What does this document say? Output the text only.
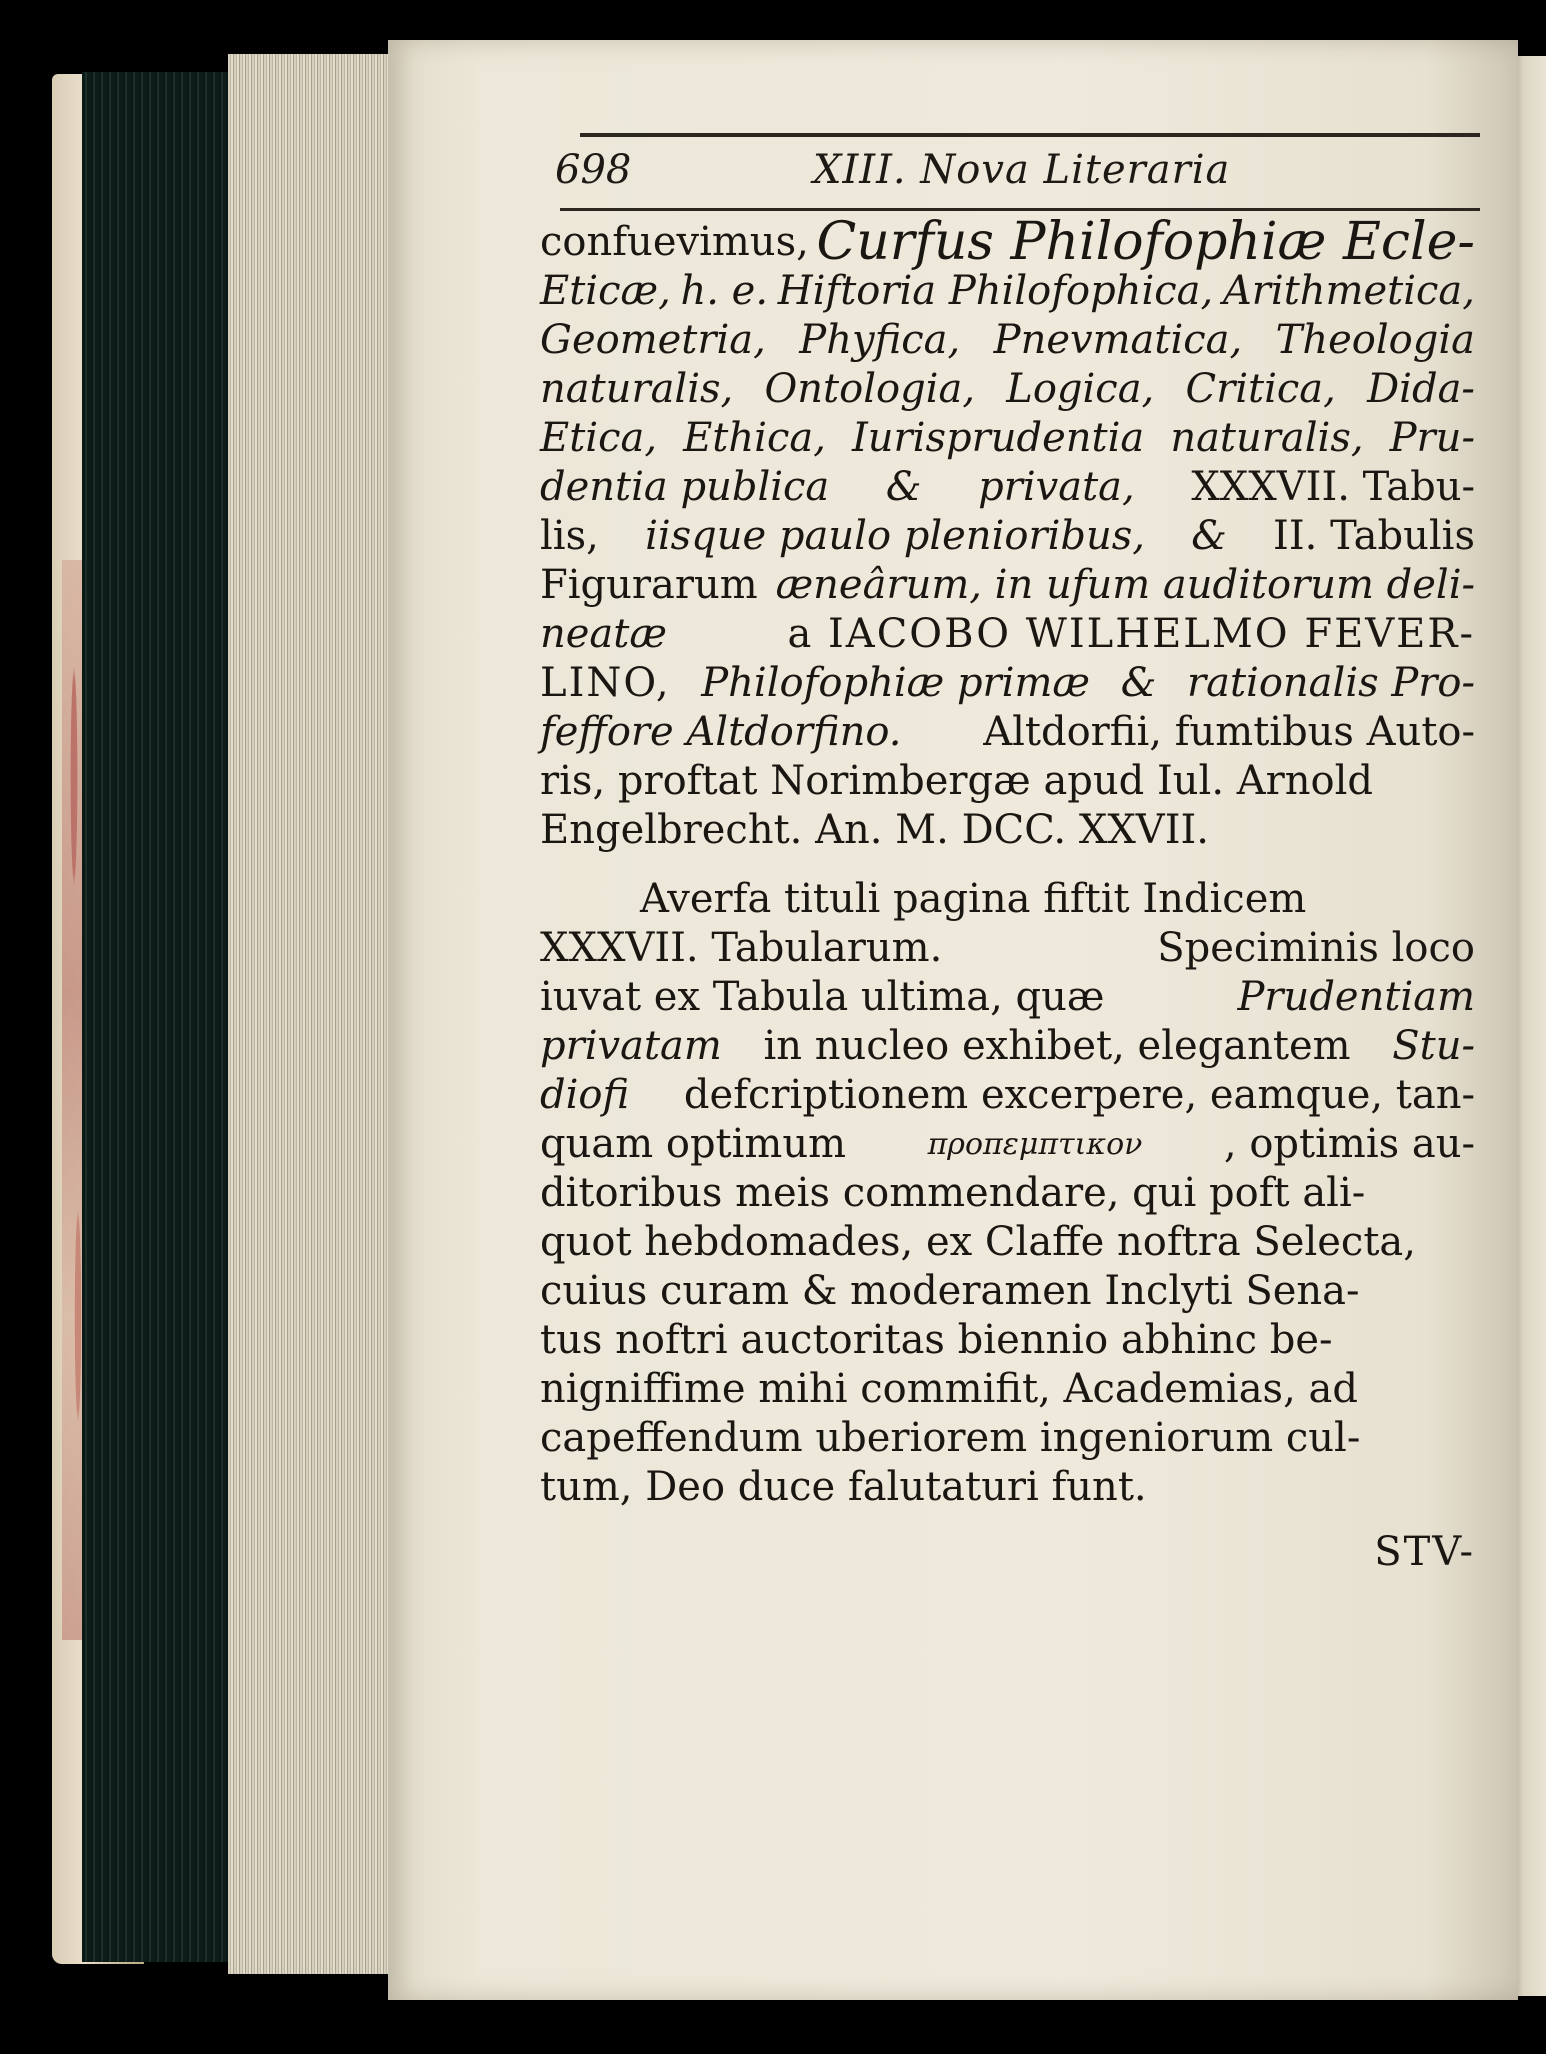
698	XIII. Nova Literaria
confuevimus, Curfus Philofophiæ Ecle-
Eticæ, h. e. Hiftoria Philofophica, Arithmetica,
Geometria, Phyfica, Pnevmatica, Theologia
naturalis, Ontologia, Logica, Critica, Dida-
Etica, Ethica, Iurisprudentia naturalis, Pru-
dentia publica & privata, XXXVII. Tabu-
lis, iisque paulo plenioribus, & II. Tabulis
Figurarum æneârum, in ufum auditorum deli-
neatæ	a IACOBO WILHELMO FEVER-
LINO, Philofophiæ primæ & rationalis Pro-
feffore Altdorfino. Altdorfii, fumtibus Auto-
ris, proftat Norimbergæ apud Iul. Arnold
Engelbrecht. An. M. DCC. XXVII.
Averfa tituli pagina fiftit Indicem
XXXVII. Tabularum.	Speciminis loco
iuvat ex Tabula ultima, quæ	Prudentiam
privatam in nucleo exhibet, elegantem Stu-
diofi defcriptionem excerpere, eamque, tan-
quam optimum	προπεμπτικον , optimis au-
ditoribus meis commendare, qui poft ali-
quot hebdomades, ex Claffe noftra Selecta,
cuius curam & moderamen Inclyti Sena-
tus noftri auctoritas biennio abhinc be-
nigniffime mihi commifit, Academias, ad
capeffendum uberiorem ingeniorum cul-
tum, Deo duce falutaturi funt.
STV-
